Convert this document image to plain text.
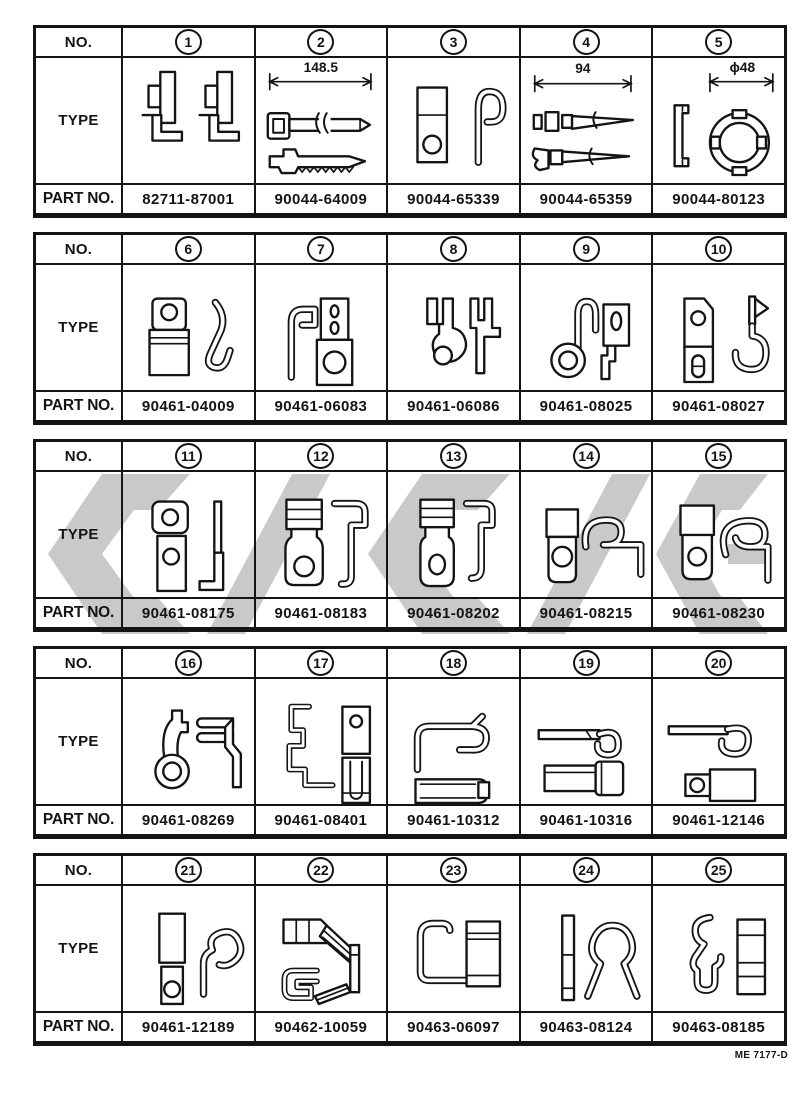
NO.	1	2	3	4	5
TYPE
148.5	94	ϕ48
PART NO.	82711-87001	90044-64009	90044-65339	90044-65359	90044-80123
NO.	6	7	8	9	10
TYPE
PART NO.	90461-04009	90461-06083	90461-06086	90461-08025	90461-08027
NO.	11	12	13	14	15
TYPE
PART NO.	90461-08175	90461-08183	90461-08202	90461-08215	90461-08230
NO.	16	17	18	19	20
TYPE
PART NO.	90461-08269	90461-08401	90461-10312	90461-10316	90461-12146
NO.	21	22	23	24	25
TYPE
PART NO.	90461-12189	90462-10059	90463-06097	90463-08124	90463-08185
ME 7177-D
